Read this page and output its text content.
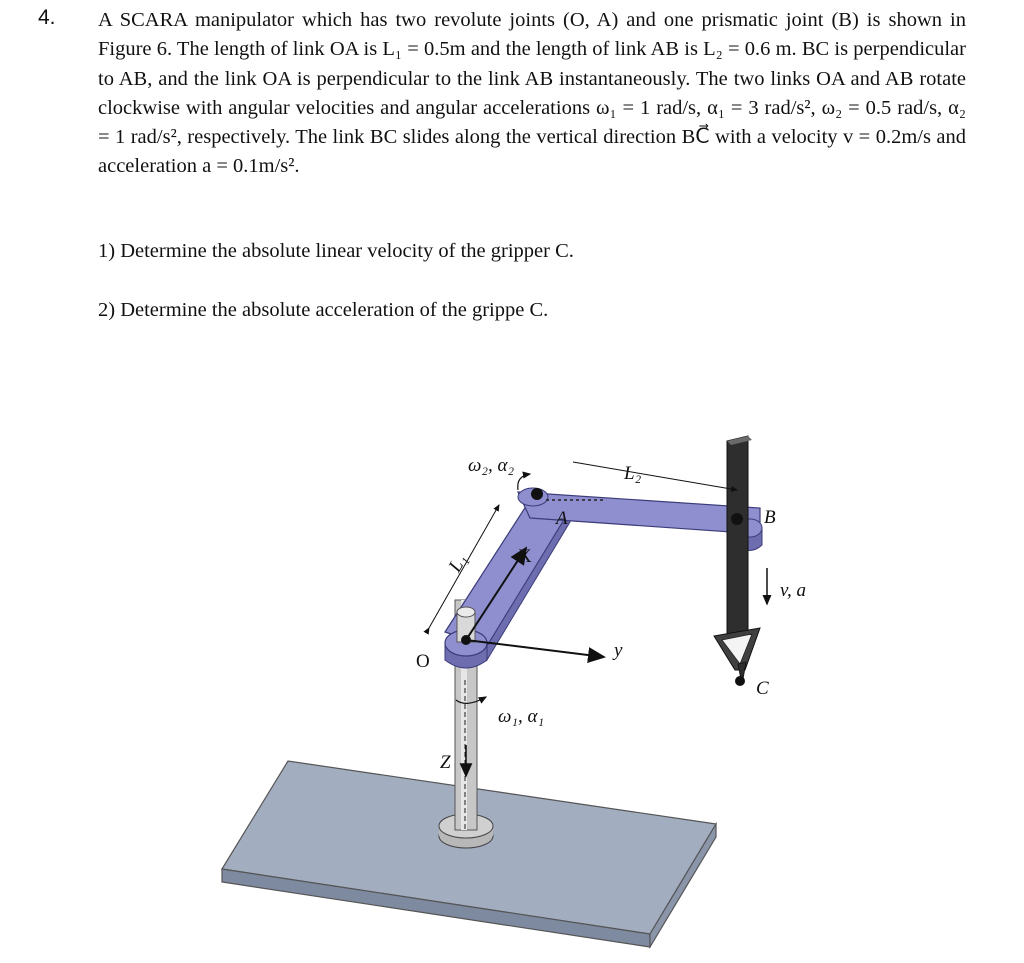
4. A SCARA manipulator which has two revolute joints (O, A) and one prismatic joint (B) is shown in Figure 6. The length of link OA is L₁ = 0.5m and the length of link AB is L₂ = 0.6 m. BC is perpendicular to AB, and the link OA is perpendicular to the link AB instantaneously. The two links OA and AB rotate clockwise with angular velocities and angular accelerations ω₁ = 1 rad/s, α₁ = 3 rad/s², ω₂ = 0.5 rad/s, α₂ = 1 rad/s², respectively. The link BC slides along the vertical direction BC⃗ with a velocity v = 0.2m/s and acceleration a = 0.1m/s².

1) Determine the absolute linear velocity of the gripper C.

2) Determine the absolute acceleration of the grippe C.

ω₂, α₂	L₂
A	B
X
L₁
v, a
O
y
C
ω₁, α₁
Z
